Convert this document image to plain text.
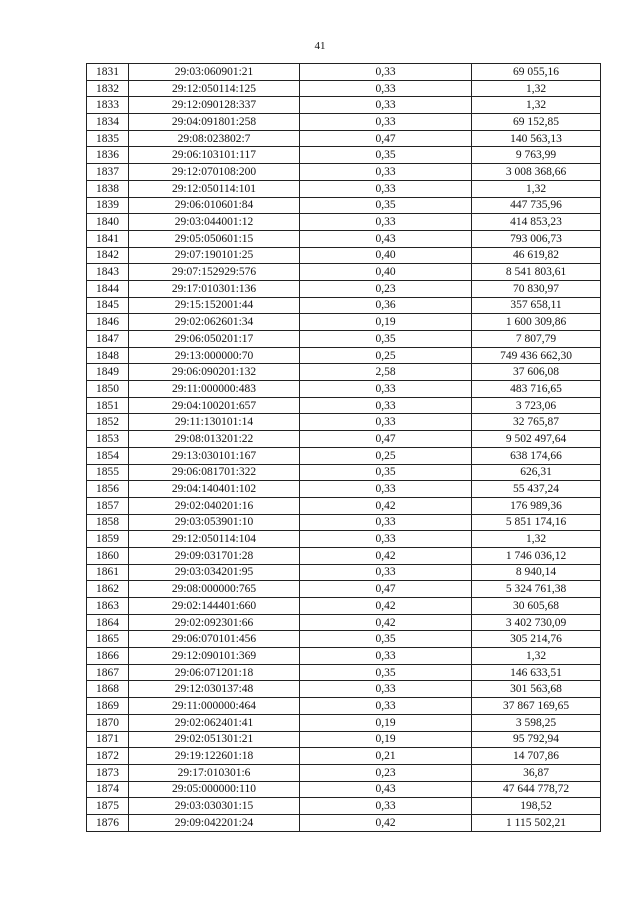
41
1831	29:03:060901:21	0,33	69 055,16
1832	29:12:050114:125	0,33	1,32
1833	29:12:090128:337	0,33	1,32
1834	29:04:091801:258	0,33	69 152,85
1835	29:08:023802:7	0,47	140 563,13
1836	29:06:103101:117	0,35	9 763,99
1837	29:12:070108:200	0,33	3 008 368,66
1838	29:12:050114:101	0,33	1,32
1839	29:06:010601:84	0,35	447 735,96
1840	29:03:044001:12	0,33	414 853,23
1841	29:05:050601:15	0,43	793 006,73
1842	29:07:190101:25	0,40	46 619,82
1843	29:07:152929:576	0,40	8 541 803,61
1844	29:17:010301:136	0,23	70 830,97
1845	29:15:152001:44	0,36	357 658,11
1846	29:02:062601:34	0,19	1 600 309,86
1847	29:06:050201:17	0,35	7 807,79
1848	29:13:000000:70	0,25	749 436 662,30
1849	29:06:090201:132	2,58	37 606,08
1850	29:11:000000:483	0,33	483 716,65
1851	29:04:100201:657	0,33	3 723,06
1852	29:11:130101:14	0,33	32 765,87
1853	29:08:013201:22	0,47	9 502 497,64
1854	29:13:030101:167	0,25	638 174,66
1855	29:06:081701:322	0,35	626,31
1856	29:04:140401:102	0,33	55 437,24
1857	29:02:040201:16	0,42	176 989,36
1858	29:03:053901:10	0,33	5 851 174,16
1859	29:12:050114:104	0,33	1,32
1860	29:09:031701:28	0,42	1 746 036,12
1861	29:03:034201:95	0,33	8 940,14
1862	29:08:000000:765	0,47	5 324 761,38
1863	29:02:144401:660	0,42	30 605,68
1864	29:02:092301:66	0,42	3 402 730,09
1865	29:06:070101:456	0,35	305 214,76
1866	29:12:090101:369	0,33	1,32
1867	29:06:071201:18	0,35	146 633,51
1868	29:12:030137:48	0,33	301 563,68
1869	29:11:000000:464	0,33	37 867 169,65
1870	29:02:062401:41	0,19	3 598,25
1871	29:02:051301:21	0,19	95 792,94
1872	29:19:122601:18	0,21	14 707,86
1873	29:17:010301:6	0,23	36,87
1874	29:05:000000:110	0,43	47 644 778,72
1875	29:03:030301:15	0,33	198,52
1876	29:09:042201:24	0,42	1 115 502,21
